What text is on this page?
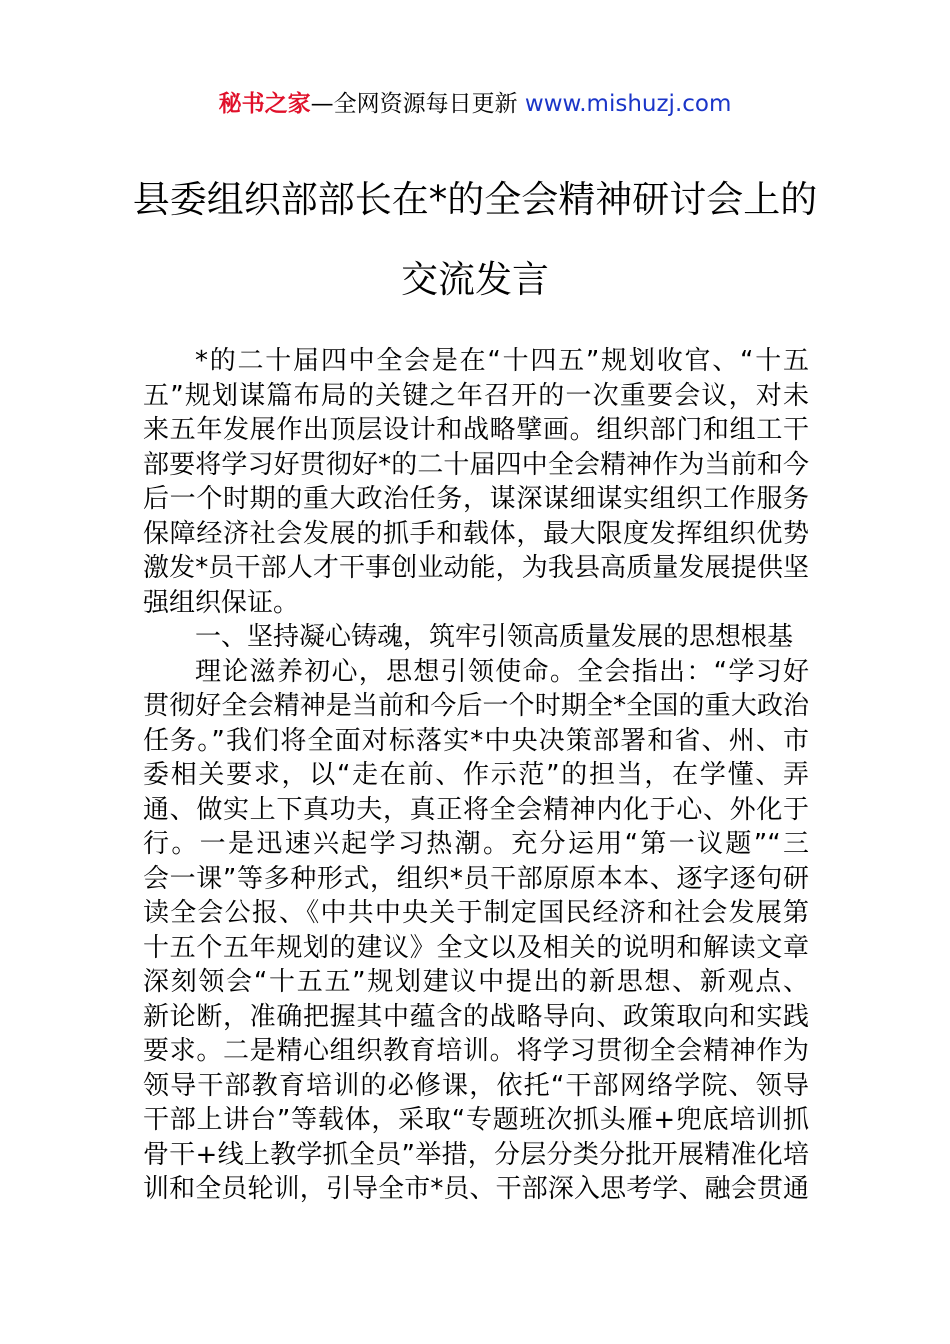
秘书之家—全网资源每日更新 www.mishuzj.com
县委组织部部长在*的全会精神研讨会上的
交流发言
*的二十届四中全会是在“十四五”规划收官、“十五
五”规划谋篇布局的关键之年召开的一次重要会议，对未
来五年发展作出顶层设计和战略擘画。组织部门和组工干
部要将学习好贯彻好*的二十届四中全会精神作为当前和今
后一个时期的重大政治任务，谋深谋细谋实组织工作服务
保障经济社会发展的抓手和载体，最大限度发挥组织优势
激发*员干部人才干事创业动能，为我县高质量发展提供坚
强组织保证。
一、坚持凝心铸魂，筑牢引领高质量发展的思想根基
理论滋养初心，思想引领使命。全会指出：“学习好
贯彻好全会精神是当前和今后一个时期全*全国的重大政治
任务。”我们将全面对标落实*中央决策部署和省、州、市
委相关要求，以“走在前、作示范”的担当，在学懂、弄
通、做实上下真功夫，真正将全会精神内化于心、外化于
行。一是迅速兴起学习热潮。充分运用“第一议题”“三
会一课”等多种形式，组织*员干部原原本本、逐字逐句研
读全会公报、《中共中央关于制定国民经济和社会发展第
十五个五年规划的建议》全文以及相关的说明和解读文章
深刻领会“十五五”规划建议中提出的新思想、新观点、
新论断，准确把握其中蕴含的战略导向、政策取向和实践
要求。二是精心组织教育培训。将学习贯彻全会精神作为
领导干部教育培训的必修课，依托“干部网络学院、领导
干部上讲台”等载体，采取“专题班次抓头雁+兜底培训抓
骨干+线上教学抓全员”举措，分层分类分批开展精准化培
训和全员轮训，引导全市*员、干部深入思考学、融会贯通
